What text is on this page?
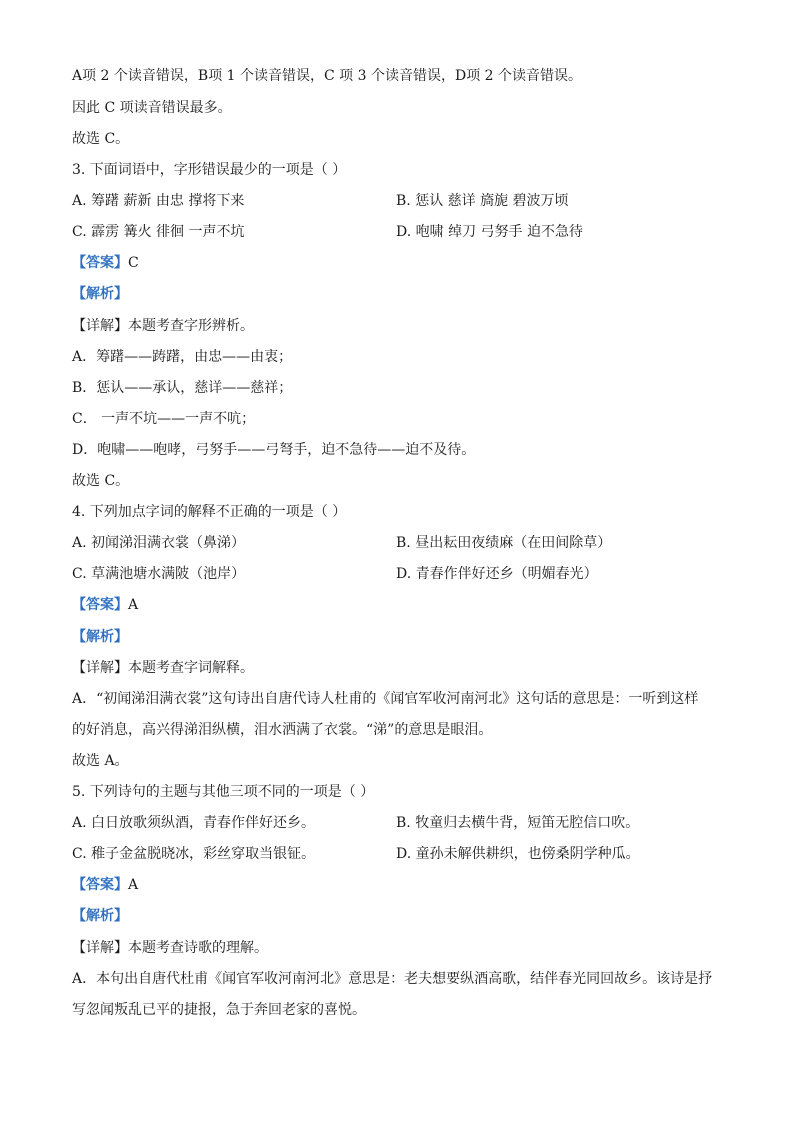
A项 2 个读音错误，B项 1 个读音错误，C 项 3 个读音错误，D项 2 个读音错误。
因此 C 项读音错误最多。
故选 C。
3. 下面词语中，字形错误最少的一项是（ ）
A. 筹躇 薪新 由忠 撑将下来	B. 惩认 慈详 旖旎 碧波万顷
C. 霹雳 篝火 徘徊 一声不坑	D. 咆啸 绰刀 弓努手 迫不急待
【答案】C
【解析】
【详解】本题考查字形辨析。
A．筹躇——踌躇，由忠——由衷；
B．惩认——承认，慈详——慈祥；
C． 一声不坑——一声不吭；
D．咆啸——咆哮，弓努手——弓弩手，迫不急待——迫不及待。
故选 C。
4. 下列加点字词的解释不正确的一项是（ ）
A. 初闻涕泪满衣裳（鼻涕）	B. 昼出耘田夜绩麻（在田间除草）
C. 草满池塘水满陂（池岸）	D. 青春作伴好还乡（明媚春光）
【答案】A
【解析】
【详解】本题考查字词解释。
A．“初闻涕泪满衣裳”这句诗出自唐代诗人杜甫的《闻官军收河南河北》这句话的意思是：一听到这样
的好消息，高兴得涕泪纵横，泪水洒满了衣裳。“涕”的意思是眼泪。
故选 A。
5. 下列诗句的主题与其他三项不同的一项是（ ）
A. 白日放歌须纵酒，青春作伴好还乡。	B. 牧童归去横牛背，短笛无腔信口吹。
C. 稚子金盆脱晓冰，彩丝穿取当银钲。	D. 童孙未解供耕织，也傍桑阴学种瓜。
【答案】A
【解析】
【详解】本题考查诗歌的理解。
A．本句出自唐代杜甫《闻官军收河南河北》意思是：老夫想要纵酒高歌，结伴春光同回故乡。该诗是抒
写忽闻叛乱已平的捷报，急于奔回老家的喜悦。
